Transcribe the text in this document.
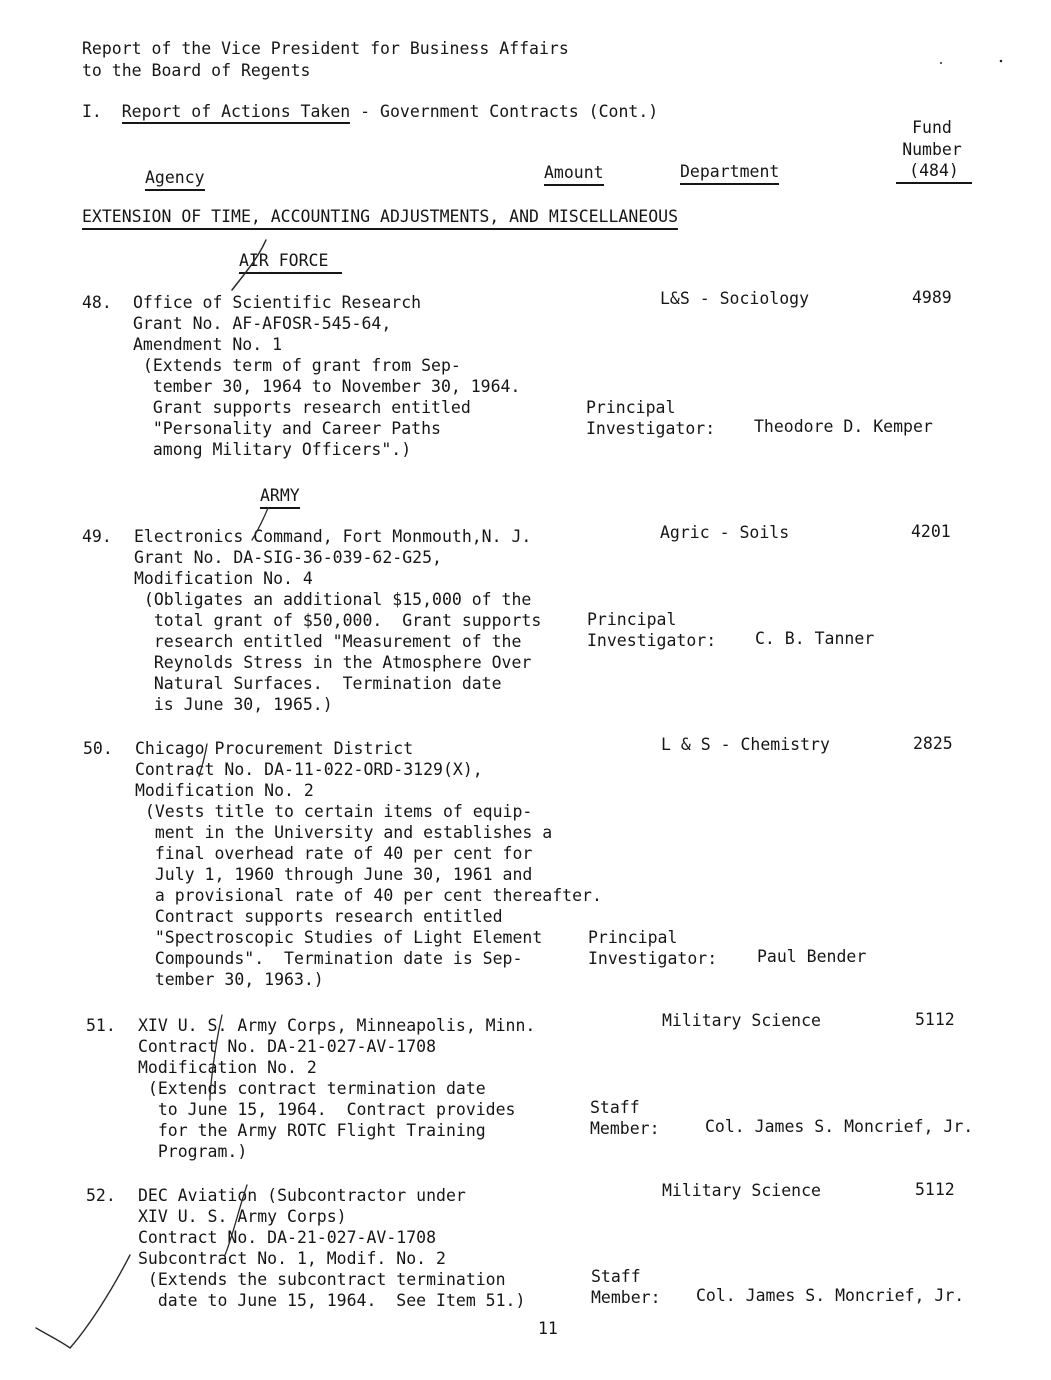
Report of the Vice President for Business Affairs
to the Board of Regents
I. Report of Actions Taken - Government Contracts (Cont.)
Fund
Number
(484)
Agency	Amount	Department
EXTENSION OF TIME, ACCOUNTING ADJUSTMENTS, AND MISCELLANEOUS
AIR FORCE
48. Office of Scientific Research
Grant No. AF-AFOSR-545-64,
Amendment No. 1
(Extends term of grant from Sep-
tember 30, 1964 to November 30, 1964.
Grant supports research entitled
"Personality and Career Paths
among Military Officers".)
L&S - Sociology	4989
Principal
Investigator: Theodore D. Kemper
ARMY
49. Electronics Command, Fort Monmouth,N. J.
Grant No. DA-SIG-36-039-62-G25,
Modification No. 4
(Obligates an additional $15,000 of the
total grant of $50,000.  Grant supports
research entitled "Measurement of the
Reynolds Stress in the Atmosphere Over
Natural Surfaces.  Termination date
is June 30, 1965.)
Agric - Soils	4201
Principal
Investigator: C. B. Tanner
50. Chicago Procurement District
Contract No. DA-11-022-ORD-3129(X),
Modification No. 2
(Vests title to certain items of equip-
ment in the University and establishes a
final overhead rate of 40 per cent for
July 1, 1960 through June 30, 1961 and
a provisional rate of 40 per cent thereafter.
Contract supports research entitled
"Spectroscopic Studies of Light Element
Compounds".  Termination date is Sep-
tember 30, 1963.)
L & S - Chemistry	2825
Principal
Investigator: Paul Bender
51. XIV U. S. Army Corps, Minneapolis, Minn.
Contract No. DA-21-027-AV-1708
Modification No. 2
(Extends contract termination date
to June 15, 1964.  Contract provides
for the Army ROTC Flight Training
Program.)
Military Science	5112
Staff
Member:	Col. James S. Moncrief, Jr.
52. DEC Aviation (Subcontractor under
XIV U. S. Army Corps)
Contract No. DA-21-027-AV-1708
Subcontract No. 1, Modif. No. 2
(Extends the subcontract termination
date to June 15, 1964.  See Item 51.)
Military Science	5112
Staff
Member: Col. James S. Moncrief, Jr.
11
